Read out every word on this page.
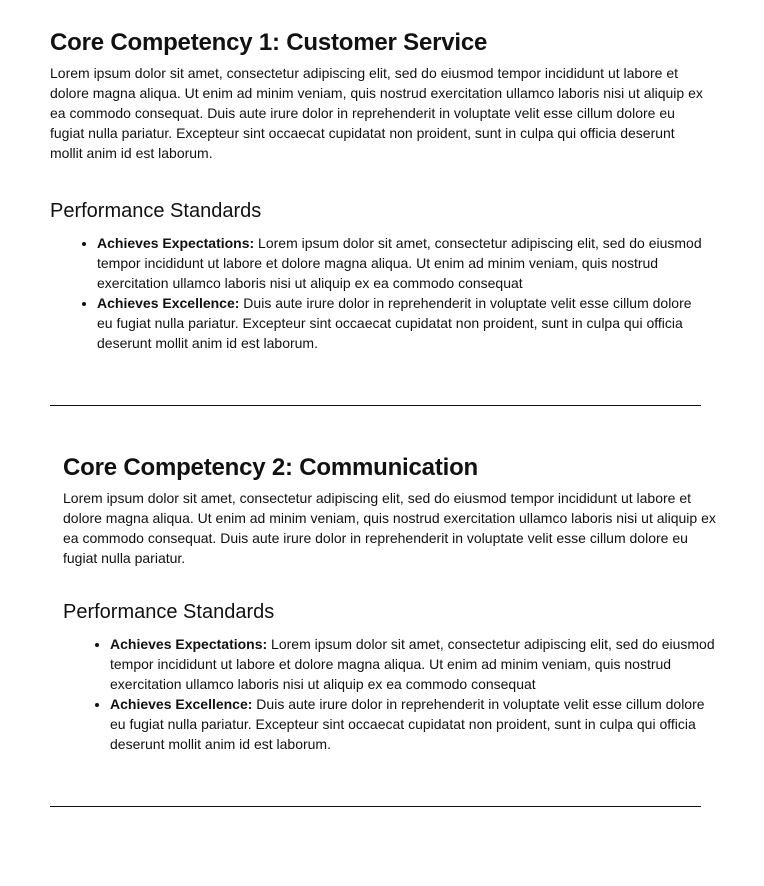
Core Competency 1: Customer Service

Lorem ipsum dolor sit amet, consectetur adipiscing elit, sed do eiusmod tempor incididunt ut labore et dolore magna aliqua. Ut enim ad minim veniam, quis nostrud exercitation ullamco laboris nisi ut aliquip ex ea commodo consequat. Duis aute irure dolor in reprehenderit in voluptate velit esse cillum dolore eu fugiat nulla pariatur. Excepteur sint occaecat cupidatat non proident, sunt in culpa qui officia deserunt mollit anim id est laborum.

Performance Standards
• Achieves Expectations: Lorem ipsum dolor sit amet, consectetur adipiscing elit, sed do eiusmod tempor incididunt ut labore et dolore magna aliqua. Ut enim ad minim veniam, quis nostrud exercitation ullamco laboris nisi ut aliquip ex ea commodo consequat
• Achieves Excellence: Duis aute irure dolor in reprehenderit in voluptate velit esse cillum dolore eu fugiat nulla pariatur. Excepteur sint occaecat cupidatat non proident, sunt in culpa qui officia deserunt mollit anim id est laborum.
Core Competency 2: Communication

Lorem ipsum dolor sit amet, consectetur adipiscing elit, sed do eiusmod tempor incididunt ut labore et dolore magna aliqua. Ut enim ad minim veniam, quis nostrud exercitation ullamco laboris nisi ut aliquip ex ea commodo consequat. Duis aute irure dolor in reprehenderit in voluptate velit esse cillum dolore eu fugiat nulla pariatur.

Performance Standards
• Achieves Expectations: Lorem ipsum dolor sit amet, consectetur adipiscing elit, sed do eiusmod tempor incididunt ut labore et dolore magna aliqua. Ut enim ad minim veniam, quis nostrud exercitation ullamco laboris nisi ut aliquip ex ea commodo consequat
• Achieves Excellence: Duis aute irure dolor in reprehenderit in voluptate velit esse cillum dolore eu fugiat nulla pariatur. Excepteur sint occaecat cupidatat non proident, sunt in culpa qui officia deserunt mollit anim id est laborum.
